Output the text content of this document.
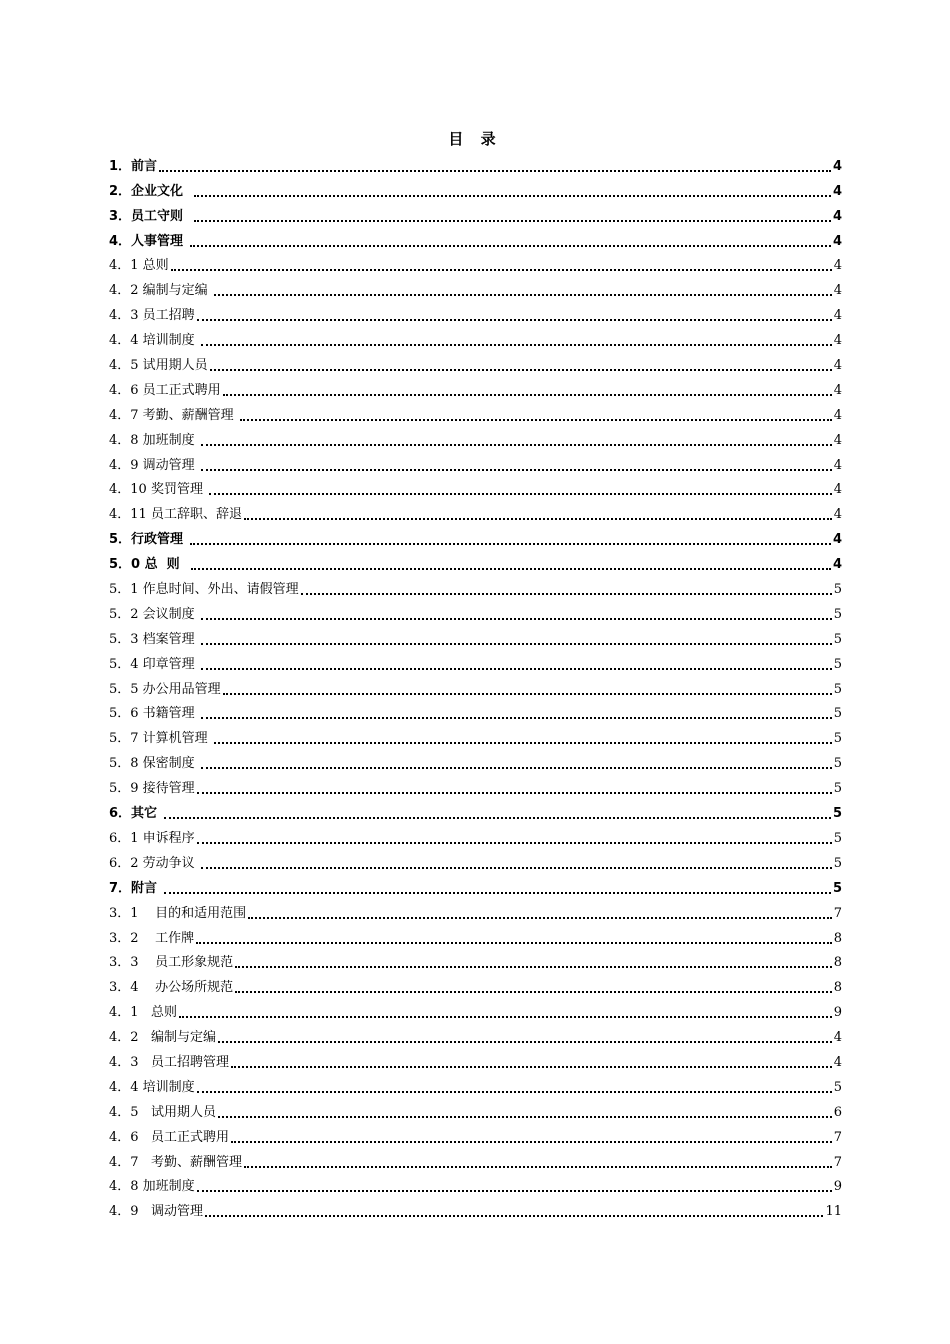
目 录
1．前言	4
2．企业文化	4
3．员工守则	4
4．人事管理	4
4．1 总则	4
4．2 编制与定编	4
4．3 员工招聘	4
4．4 培训制度	4
4．5 试用期人员	4
4．6 员工正式聘用	4
4．7 考勤、薪酬管理	4
4．8 加班制度	4
4．9 调动管理	4
4．10 奖罚管理	4
4．11 员工辞职、辞退	4
5．行政管理	4
5．0 总  则	4
5．1 作息时间、外出、请假管理	5
5．2 会议制度	5
5．3 档案管理	5
5．4 印章管理	5
5．5 办公用品管理	5
5．6 书籍管理	5
5．7 计算机管理	5
5．8 保密制度	5
5．9 接待管理	5
6．其它	5
6．1 申诉程序	5
6．2 劳动争议	5
7．附言	5
3．1    目的和适用范围	7
3．2    工作牌	8
3．3    员工形象规范	8
3．4    办公场所规范	8
4．1   总则	9
4．2   编制与定编	4
4．3   员工招聘管理	4
4．4 培训制度	5
4．5   试用期人员	6
4．6   员工正式聘用	7
4．7   考勤、薪酬管理	7
4．8 加班制度	9
4．9   调动管理	11
